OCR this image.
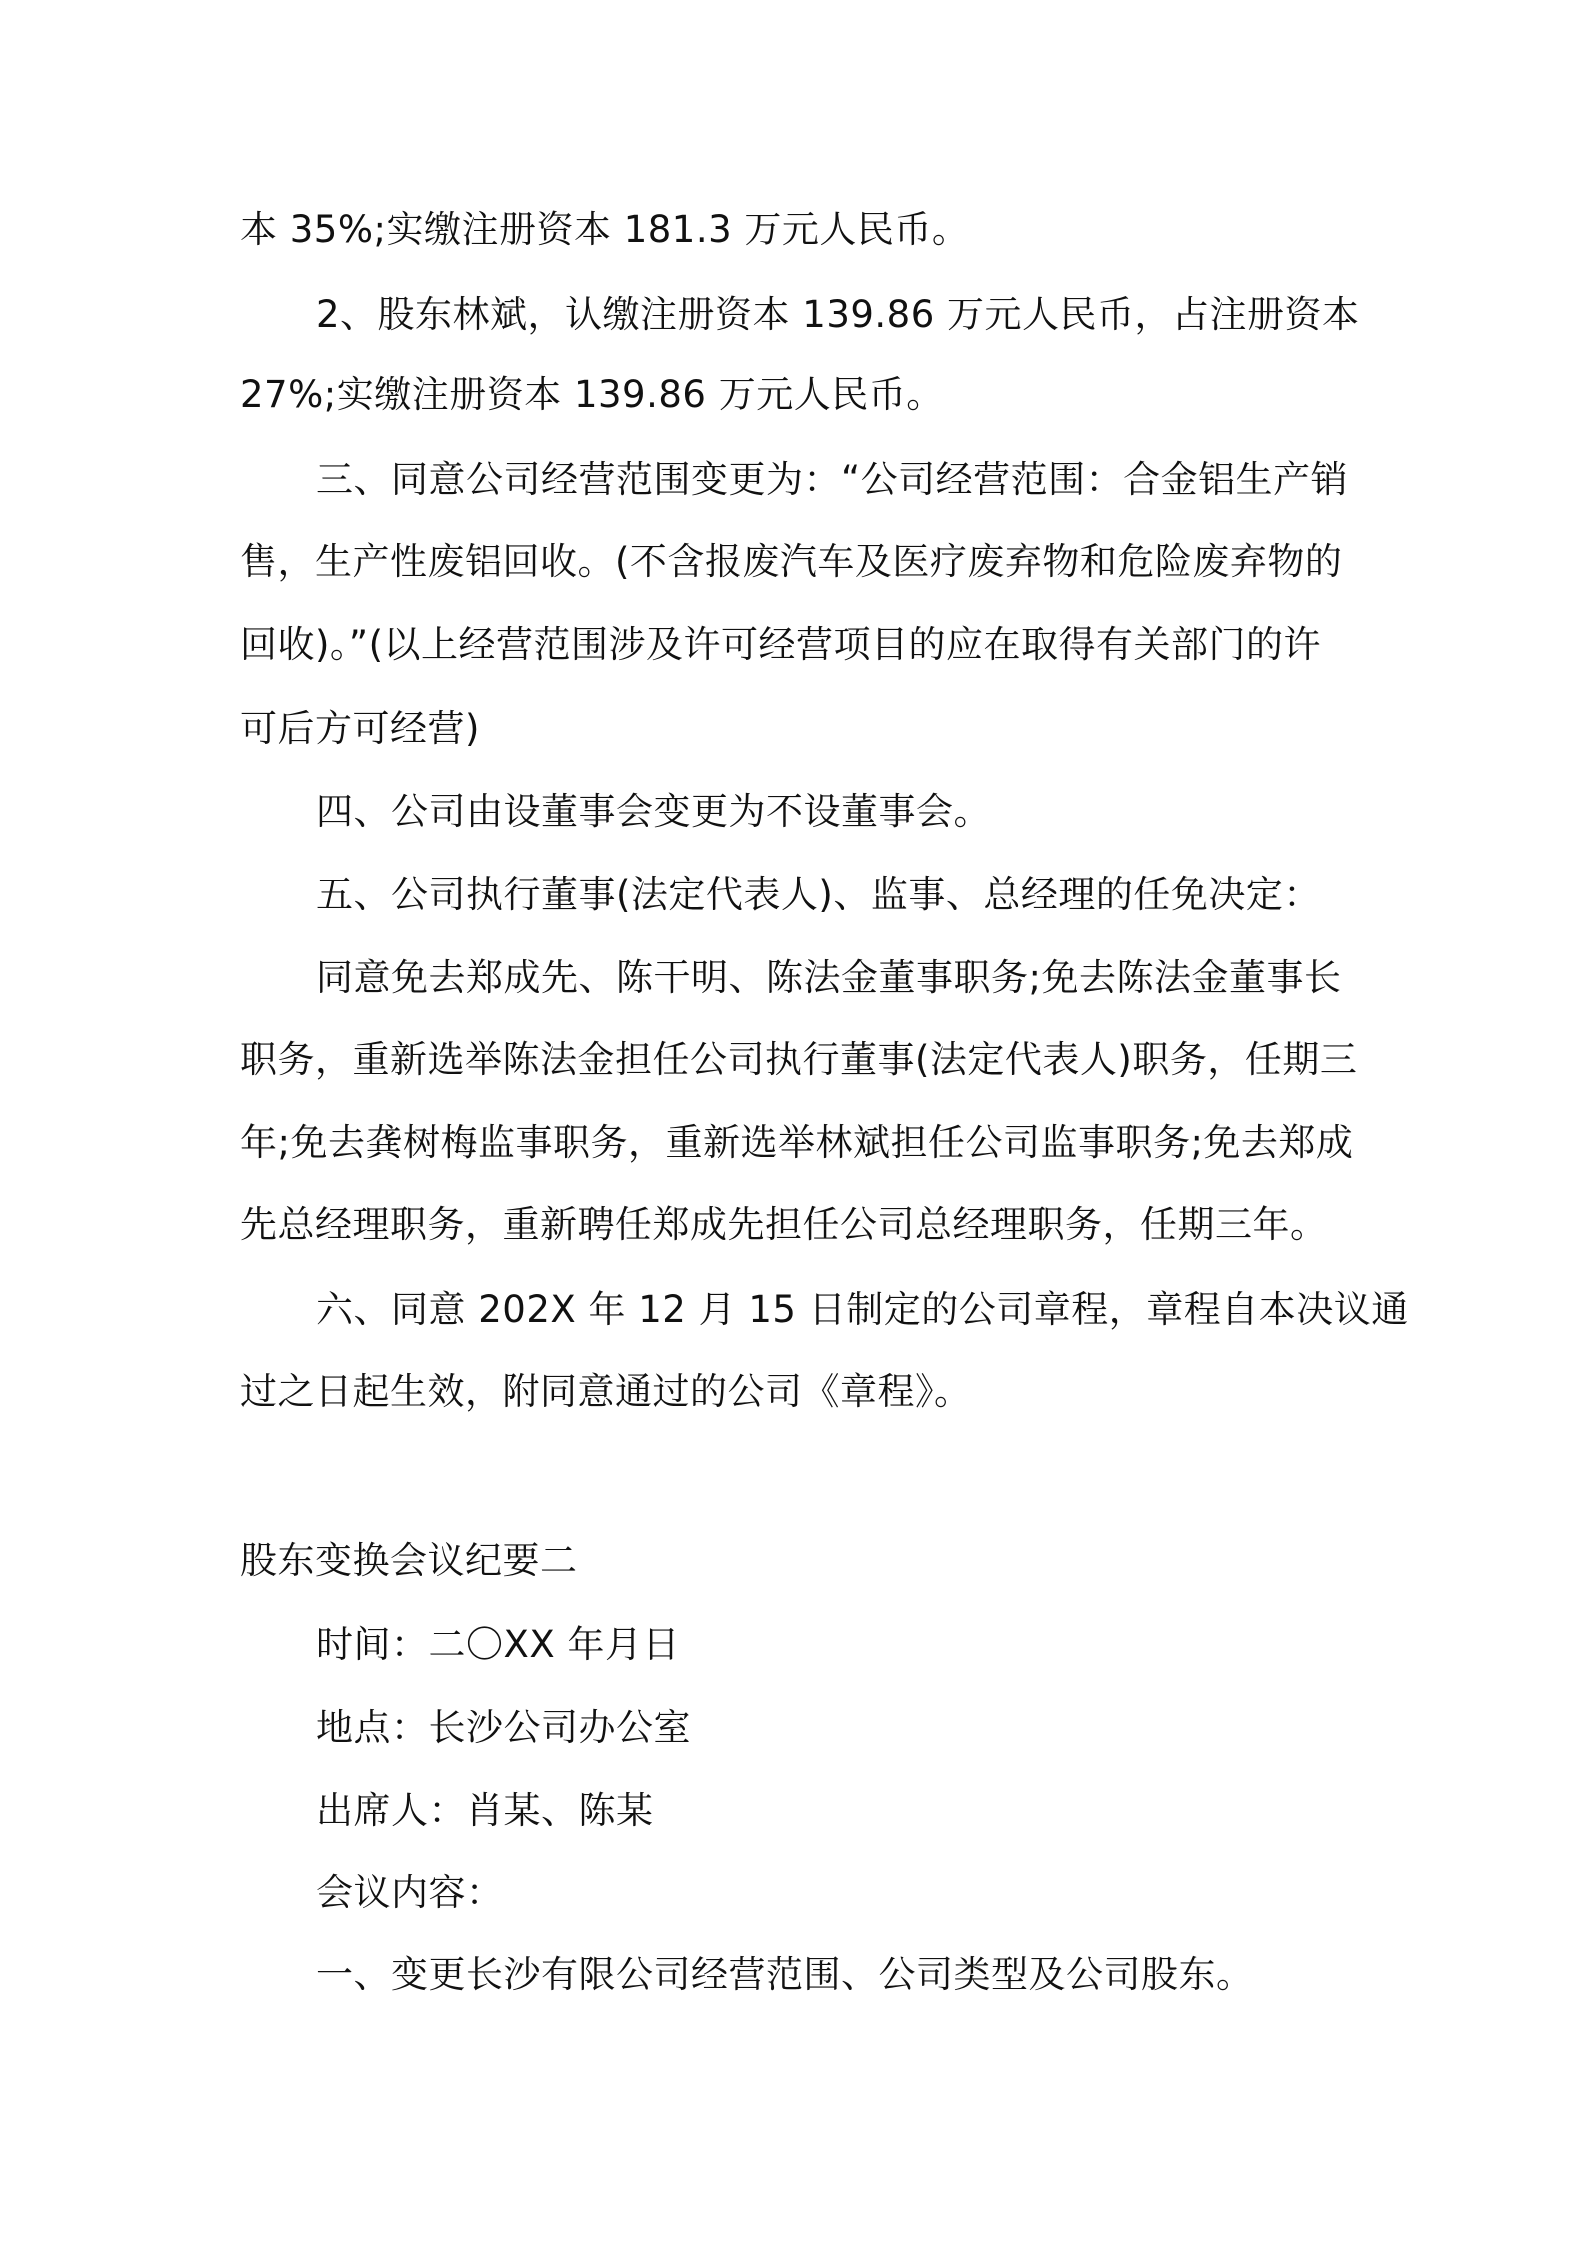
本 35%;实缴注册资本 181.3 万元人民币。
2、股东林斌，认缴注册资本 139.86 万元人民币，占注册资本
27%;实缴注册资本 139.86 万元人民币。
三、同意公司经营范围变更为：“公司经营范围：合金铝生产销
售，生产性废铝回收。(不含报废汽车及医疗废弃物和危险废弃物的
回收)。”(以上经营范围涉及许可经营项目的应在取得有关部门的许
可后方可经营)
四、公司由设董事会变更为不设董事会。
五、公司执行董事(法定代表人)、监事、总经理的任免决定：
同意免去郑成先、陈干明、陈法金董事职务;免去陈法金董事长
职务，重新选举陈法金担任公司执行董事(法定代表人)职务，任期三
年;免去龚树梅监事职务，重新选举林斌担任公司监事职务;免去郑成
先总经理职务，重新聘任郑成先担任公司总经理职务，任期三年。
六、同意 202X 年 12 月 15 日制定的公司章程，章程自本决议通
过之日起生效，附同意通过的公司《章程》。
股东变换会议纪要二
时间：二〇XX 年月日
地点：长沙公司办公室
出席人：肖某、陈某
会议内容：
一、变更长沙有限公司经营范围、公司类型及公司股东。
